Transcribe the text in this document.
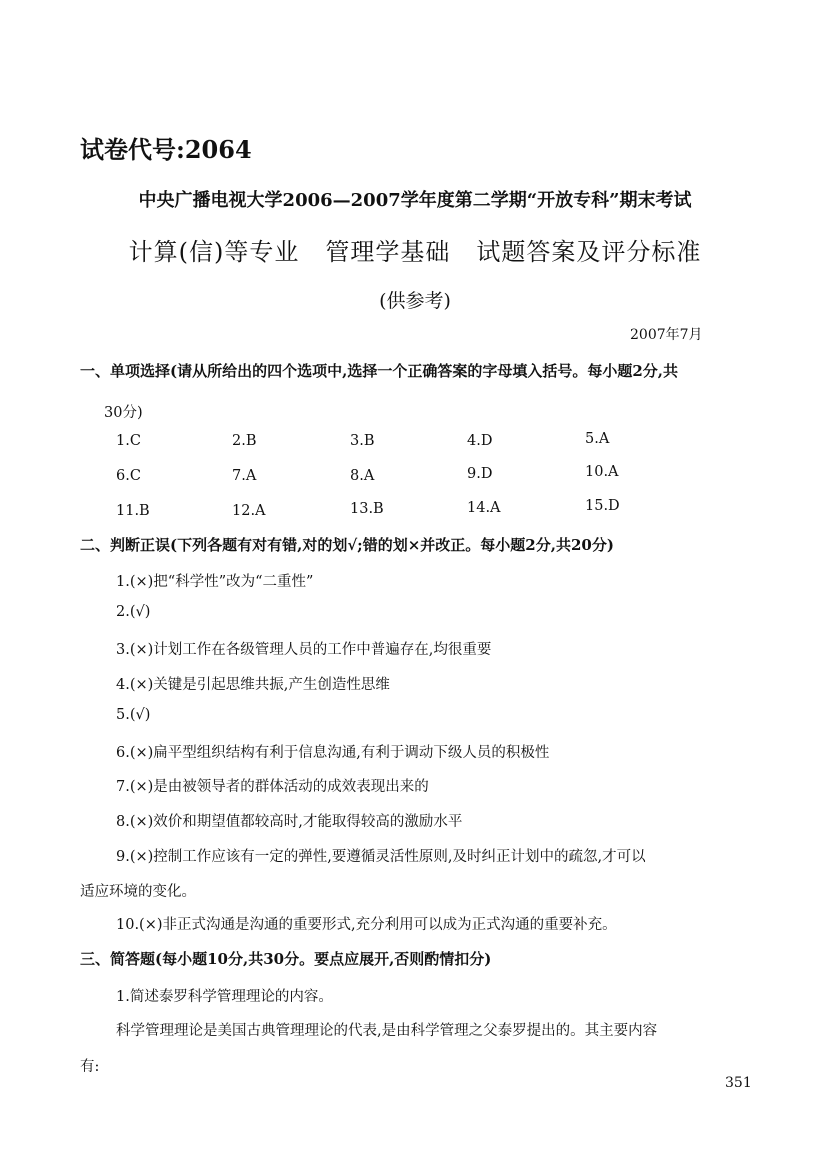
试卷代号:2064
中央广播电视大学2006—2007学年度第二学期“开放专科”期末考试
计算(信)等专业 管理学基础 试题答案及评分标准
(供参考)
2007年7月
一、单项选择(请从所给出的四个选项中,选择一个正确答案的字母填入括号。每小题2分,共
30分)
1.C	2.B	3.B	4.D	5.A
6.C	7.A	8.A	9.D	10.A
11.B	12.A	13.B	14.A	15.D
二、判断正误(下列各题有对有错,对的划√;错的划×并改正。每小题2分,共20分)
1.(×)把“科学性”改为“二重性”
2.(√)
3.(×)计划工作在各级管理人员的工作中普遍存在,均很重要
4.(×)关键是引起思维共振,产生创造性思维
5.(√)
6.(×)扁平型组织结构有利于信息沟通,有利于调动下级人员的积极性
7.(×)是由被领导者的群体活动的成效表现出来的
8.(×)效价和期望值都较高时,才能取得较高的激励水平
9.(×)控制工作应该有一定的弹性,要遵循灵活性原则,及时纠正计划中的疏忽,才可以
适应环境的变化。
10.(×)非正式沟通是沟通的重要形式,充分利用可以成为正式沟通的重要补充。
三、简答题(每小题10分,共30分。要点应展开,否则酌情扣分)
1.简述泰罗科学管理理论的内容。
科学管理理论是美国古典管理理论的代表,是由科学管理之父泰罗提出的。其主要内容
有:
351
